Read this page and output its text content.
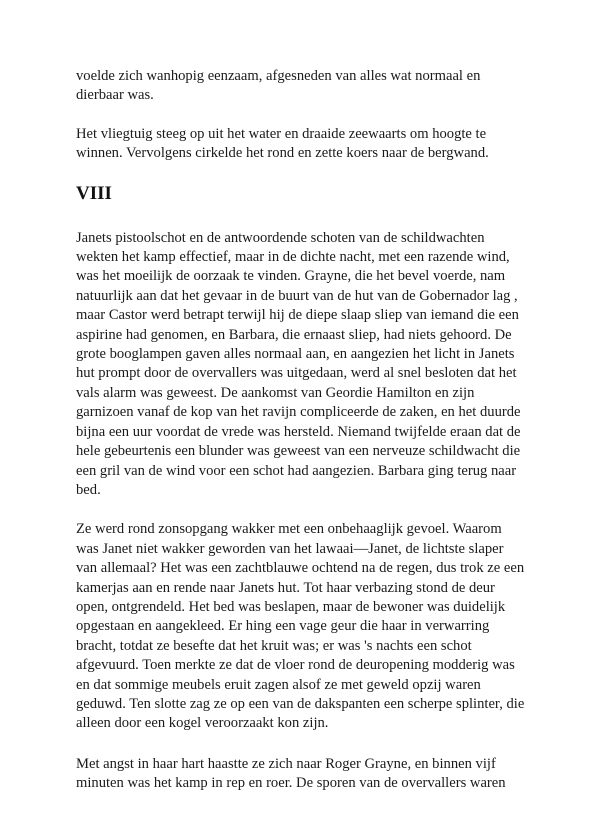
voelde zich wanhopig eenzaam, afgesneden van alles wat normaal en dierbaar was.

Het vliegtuig steeg op uit het water en draaide zeewaarts om hoogte te winnen. Vervolgens cirkelde het rond en zette koers naar de bergwand.

VIII

Janets pistoolschot en de antwoordende schoten van de schildwachten wekten het kamp effectief, maar in de dichte nacht, met een razende wind, was het moeilijk de oorzaak te vinden. Grayne, die het bevel voerde, nam natuurlijk aan dat het gevaar in de buurt van de hut van de Gobernador lag , maar Castor werd betrapt terwijl hij de diepe slaap sliep van iemand die een aspirine had genomen, en Barbara, die ernaast sliep, had niets gehoord. De grote booglampen gaven alles normaal aan, en aangezien het licht in Janets hut prompt door de overvallers was uitgedaan, werd al snel besloten dat het vals alarm was geweest. De aankomst van Geordie Hamilton en zijn garnizoen vanaf de kop van het ravijn compliceerde de zaken, en het duurde bijna een uur voordat de vrede was hersteld. Niemand twijfelde eraan dat de hele gebeurtenis een blunder was geweest van een nerveuze schildwacht die een gril van de wind voor een schot had aangezien. Barbara ging terug naar bed.

Ze werd rond zonsopgang wakker met een onbehaaglijk gevoel. Waarom was Janet niet wakker geworden van het lawaai—Janet, de lichtste slaper van allemaal? Het was een zachtblauwe ochtend na de regen, dus trok ze een kamerjas aan en rende naar Janets hut. Tot haar verbazing stond de deur open, ontgrendeld. Het bed was beslapen, maar de bewoner was duidelijk opgestaan en aangekleed. Er hing een vage geur die haar in verwarring bracht, totdat ze besefte dat het kruit was; er was 's nachts een schot afgevuurd. Toen merkte ze dat de vloer rond de deuropening modderig was en dat sommige meubels eruit zagen alsof ze met geweld opzij waren geduwd. Ten slotte zag ze op een van de dakspanten een scherpe splinter, die alleen door een kogel veroorzaakt kon zijn.

Met angst in haar hart haastte ze zich naar Roger Grayne, en binnen vijf minuten was het kamp in rep en roer. De sporen van de overvallers waren
